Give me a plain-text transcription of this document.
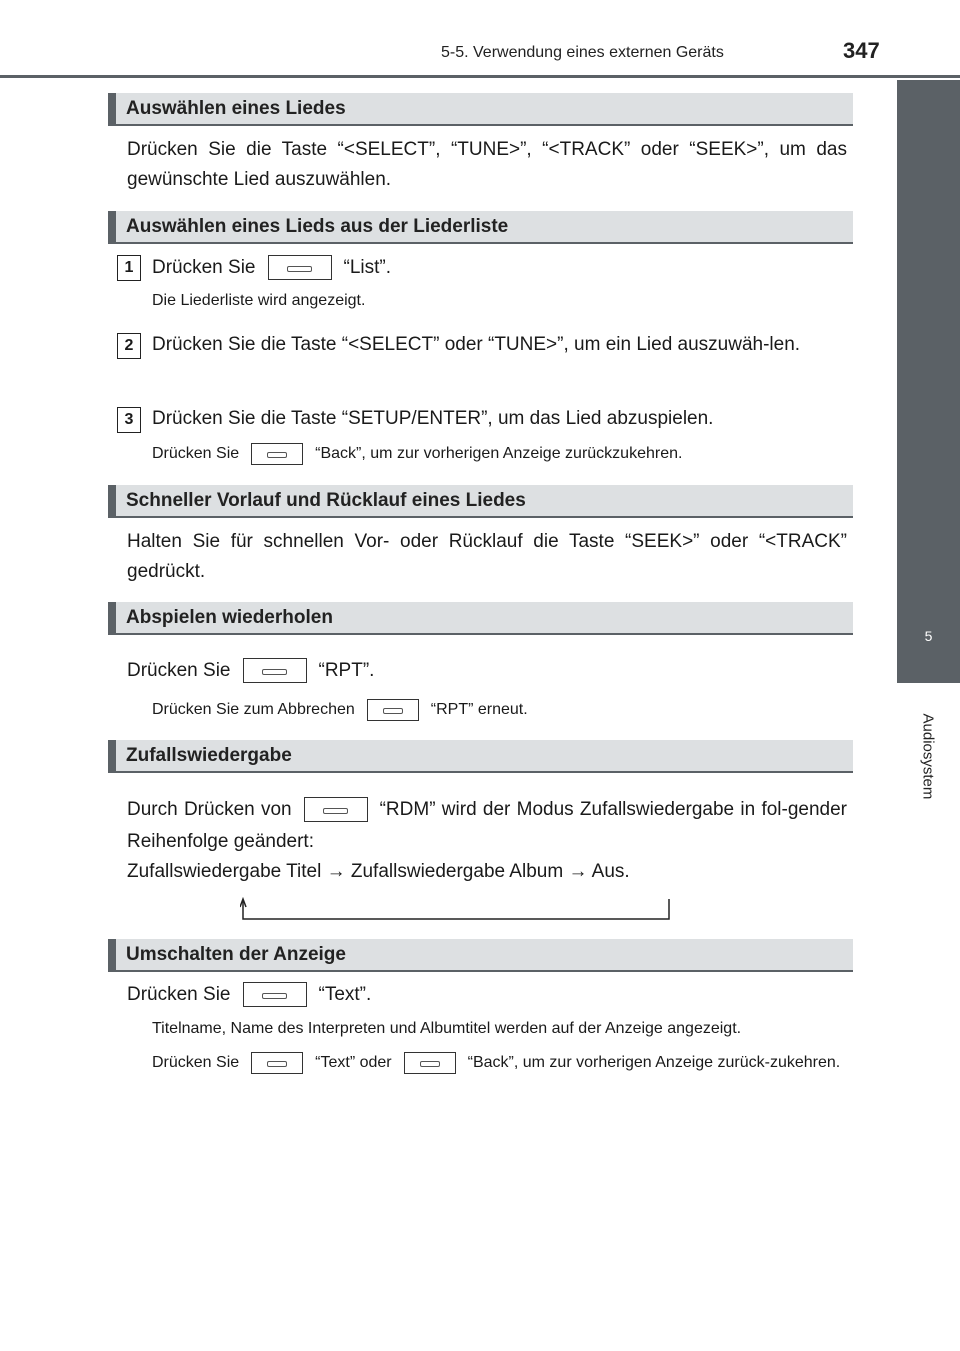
5-5. Verwendung eines externen Geräts	347
5
Audiosystem
Auswählen eines Liedes
Drücken Sie die Taste “<SELECT”, “TUNE>”, “<TRACK” oder “SEEK>”, um das gewünschte Lied auszuwählen.
Auswählen eines Lieds aus der Liederliste
1 Drücken Sie	“List”.
Die Liederliste wird angezeigt.
2 Drücken Sie die Taste “<SELECT” oder “TUNE>”, um ein Lied auszuwäh-len.
3 Drücken Sie die Taste “SETUP/ENTER”, um das Lied abzuspielen.
Drücken Sie	“Back”, um zur vorherigen Anzeige zurückzukehren.
Schneller Vorlauf und Rücklauf eines Liedes
Halten Sie für schnellen Vor- oder Rücklauf die Taste “SEEK>” oder “<TRACK” gedrückt.
Abspielen wiederholen
Drücken Sie	“RPT”.
Drücken Sie zum Abbrechen	“RPT” erneut.
Zufallswiedergabe
Durch Drücken von	“RDM” wird der Modus Zufallswiedergabe in fol-gender Reihenfolge geändert:
Zufallswiedergabe Titel → Zufallswiedergabe Album → Aus.
Umschalten der Anzeige
Drücken Sie	“Text”.
Titelname, Name des Interpreten und Albumtitel werden auf der Anzeige angezeigt.
Drücken Sie	“Text” oder	“Back”, um zur vorherigen Anzeige zurück-zukehren.
